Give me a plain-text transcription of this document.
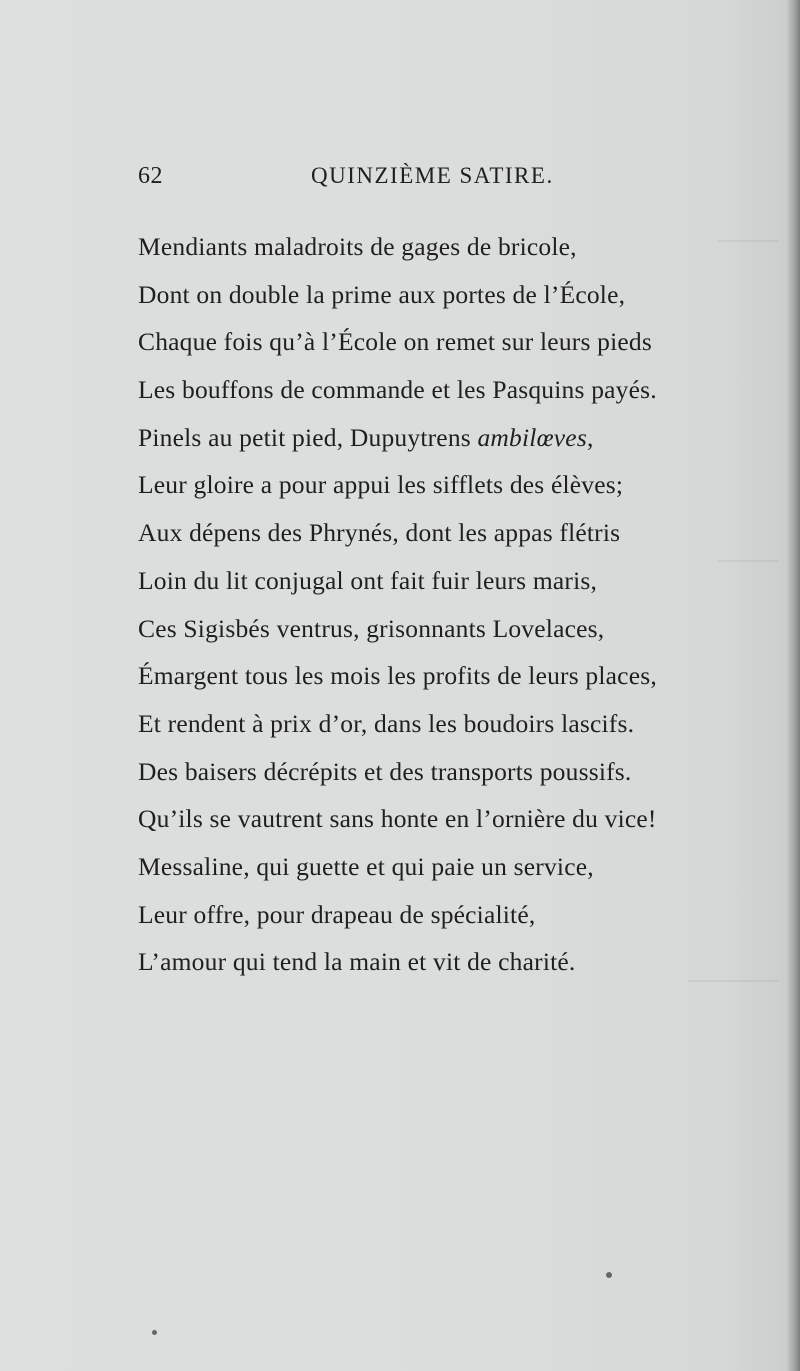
62	QUINZIÈME SATIRE.
Mendiants maladroits de gages de bricole,
Dont on double la prime aux portes de l’École,
Chaque fois qu’à l’École on remet sur leurs pieds
Les bouffons de commande et les Pasquins payés.
Pinels au petit pied, Dupuytrens ambilœves,
Leur gloire a pour appui les sifflets des élèves;
Aux dépens des Phrynés, dont les appas flétris
Loin du lit conjugal ont fait fuir leurs maris,
Ces Sigisbés ventrus, grisonnants Lovelaces,
Émargent tous les mois les profits de leurs places,
Et rendent à prix d’or, dans les boudoirs lascifs.
Des baisers décrépits et des transports poussifs.
Qu’ils se vautrent sans honte en l’ornière du vice!
Messaline, qui guette et qui paie un service,
Leur offre, pour drapeau de spécialité,
L’amour qui tend la main et vit de charité.
